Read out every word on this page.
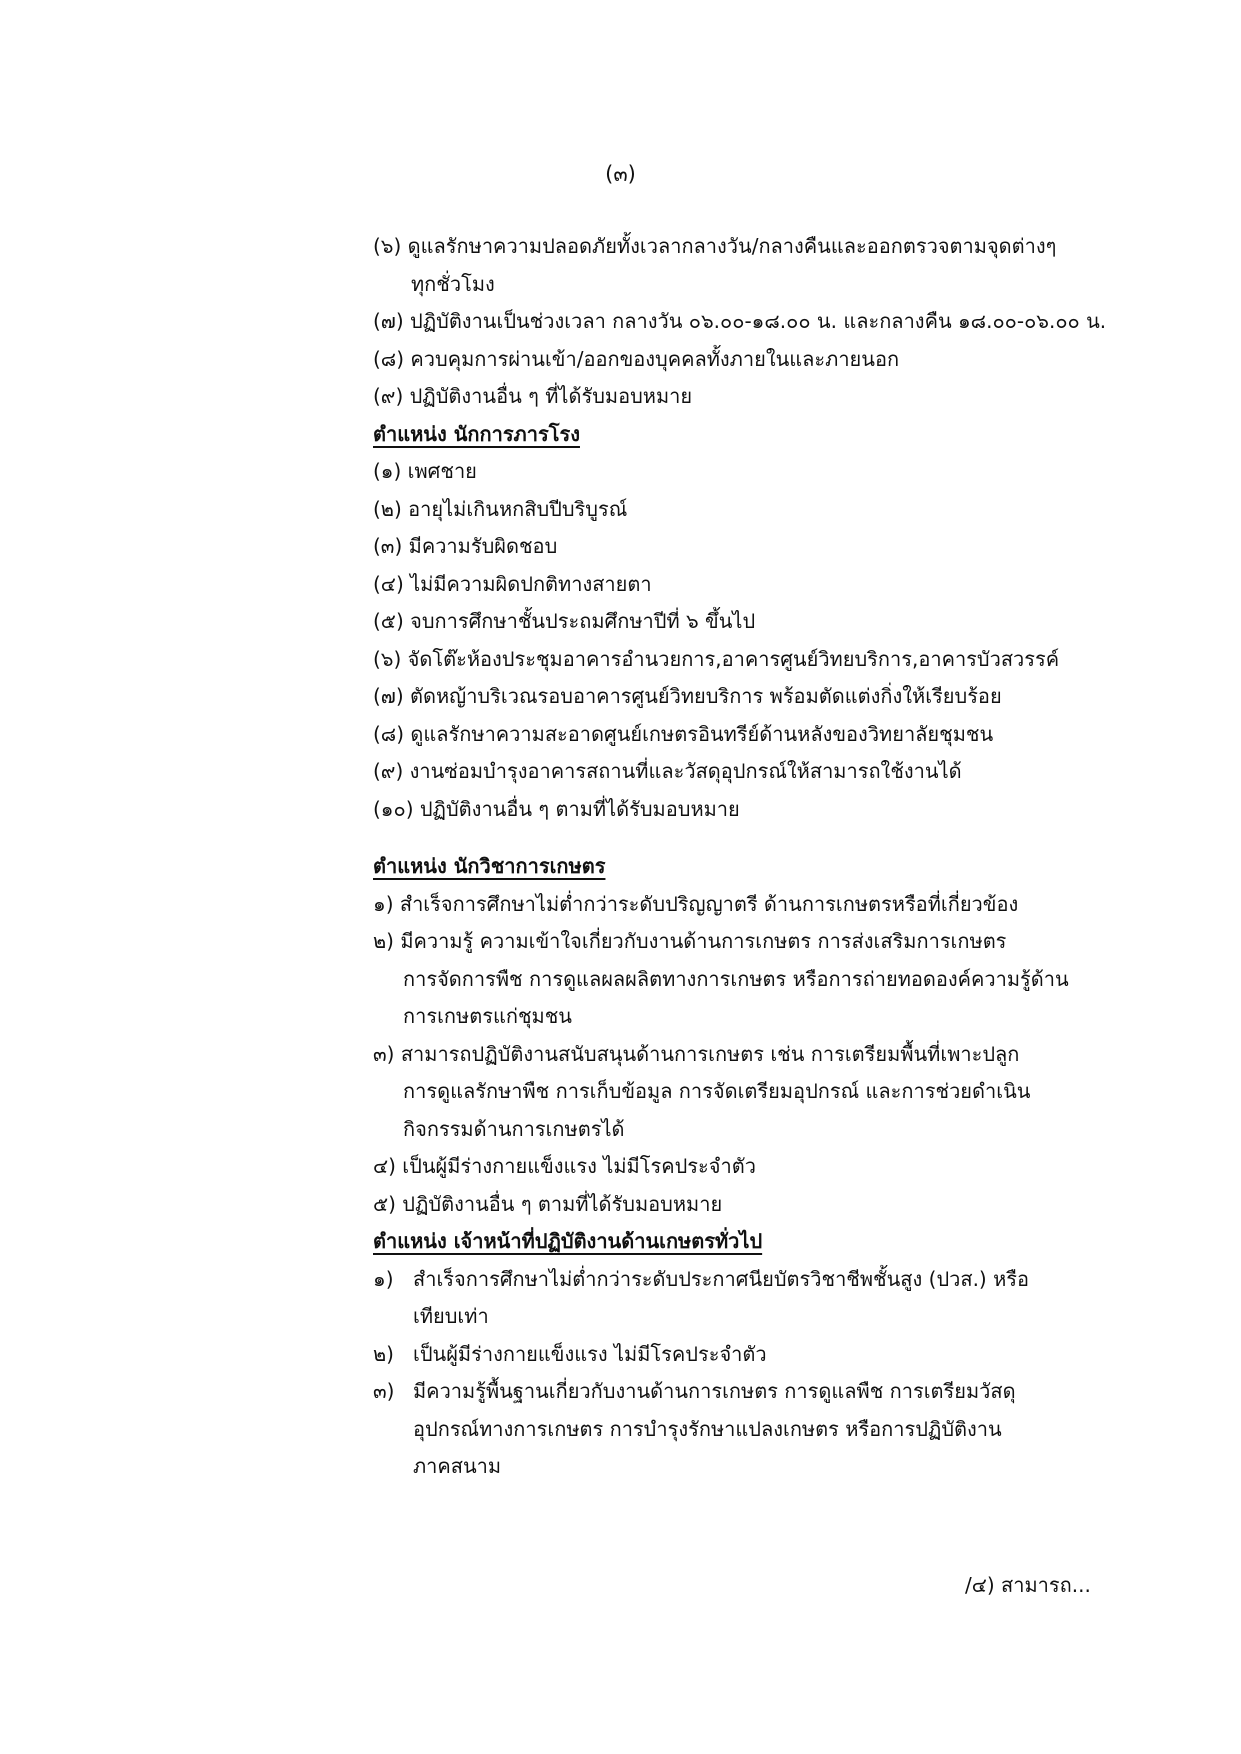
(๓)
(๖) ดูแลรักษาความปลอดภัยทั้งเวลากลางวัน/กลางคืนและออกตรวจตามจุดต่างๆ
ทุกชั่วโมง
(๗) ปฏิบัติงานเป็นช่วงเวลา กลางวัน ๐๖.๐๐-๑๘.๐๐ น. และกลางคืน ๑๘.๐๐-๐๖.๐๐ น.
(๘) ควบคุมการผ่านเข้า/ออกของบุคคลทั้งภายในและภายนอก
(๙) ปฏิบัติงานอื่น ๆ ที่ได้รับมอบหมาย
ตำแหน่ง นักการภารโรง
(๑) เพศชาย
(๒) อายุไม่เกินหกสิบปีบริบูรณ์
(๓) มีความรับผิดชอบ
(๔) ไม่มีความผิดปกติทางสายตา
(๕) จบการศึกษาชั้นประถมศึกษาปีที่ ๖ ขึ้นไป
(๖) จัดโต๊ะห้องประชุมอาคารอำนวยการ,อาคารศูนย์วิทยบริการ,อาคารบัวสวรรค์
(๗) ตัดหญ้าบริเวณรอบอาคารศูนย์วิทยบริการ พร้อมตัดแต่งกิ่งให้เรียบร้อย
(๘) ดูแลรักษาความสะอาดศูนย์เกษตรอินทรีย์ด้านหลังของวิทยาลัยชุมชน
(๙) งานซ่อมบำรุงอาคารสถานที่และวัสดุอุปกรณ์ให้สามารถใช้งานได้
(๑๐) ปฏิบัติงานอื่น ๆ ตามที่ได้รับมอบหมาย
ตำแหน่ง นักวิชาการเกษตร
๑) สำเร็จการศึกษาไม่ต่ำกว่าระดับปริญญาตรี ด้านการเกษตรหรือที่เกี่ยวข้อง
๒) มีความรู้ ความเข้าใจเกี่ยวกับงานด้านการเกษตร การส่งเสริมการเกษตร
การจัดการพืช การดูแลผลผลิตทางการเกษตร หรือการถ่ายทอดองค์ความรู้ด้าน
การเกษตรแก่ชุมชน
๓) สามารถปฏิบัติงานสนับสนุนด้านการเกษตร เช่น การเตรียมพื้นที่เพาะปลูก
การดูแลรักษาพืช การเก็บข้อมูล การจัดเตรียมอุปกรณ์ และการช่วยดำเนิน
กิจกรรมด้านการเกษตรได้
๔) เป็นผู้มีร่างกายแข็งแรง ไม่มีโรคประจำตัว
๕) ปฏิบัติงานอื่น ๆ ตามที่ได้รับมอบหมาย
ตำแหน่ง เจ้าหน้าที่ปฏิบัติงานด้านเกษตรทั่วไป
๑) สำเร็จการศึกษาไม่ต่ำกว่าระดับประกาศนียบัตรวิชาชีพชั้นสูง (ปวส.) หรือ
เทียบเท่า
๒) เป็นผู้มีร่างกายแข็งแรง ไม่มีโรคประจำตัว
๓) มีความรู้พื้นฐานเกี่ยวกับงานด้านการเกษตร การดูแลพืช การเตรียมวัสดุ
อุปกรณ์ทางการเกษตร การบำรุงรักษาแปลงเกษตร หรือการปฏิบัติงาน
ภาคสนาม
/๔) สามารถ...
